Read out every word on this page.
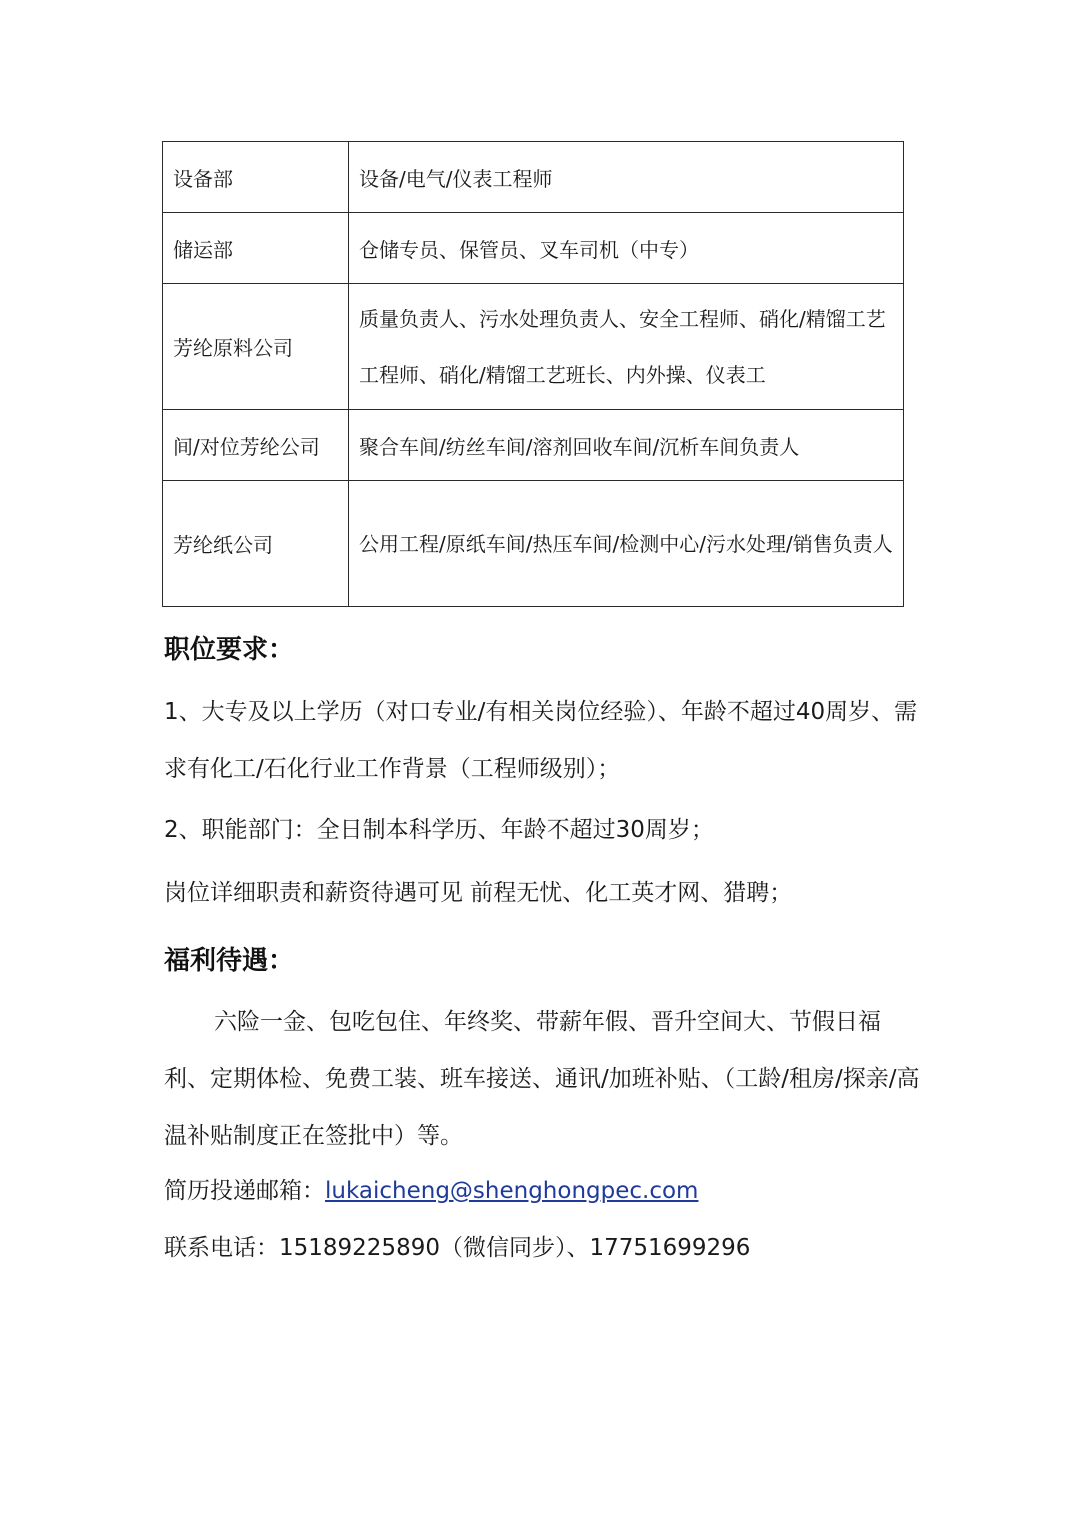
设备部	设备/电气/仪表工程师
储运部	仓储专员、保管员、叉车司机（中专）
芳纶原料公司	质量负责人、污水处理负责人、安全工程师、硝化/精馏工艺工程师、硝化/精馏工艺班长、内外操、仪表工

间/对位芳纶公司	聚合车间/纺丝车间/溶剂回收车间/沉析车间负责人
芳纶纸公司	公用工程/原纸车间/热压车间/检测中心/污水处理/销售负责人
职位要求：
1、大专及以上学历（对口专业/有相关岗位经验）、年龄不超过40周岁、需求有化工/石化行业工作背景（工程师级别）；
2、职能部门：全日制本科学历、年龄不超过30周岁；
岗位详细职责和薪资待遇可见 前程无忧、化工英才网、猎聘；
福利待遇：
六险一金、包吃包住、年终奖、带薪年假、晋升空间大、节假日福利、定期体检、免费工装、班车接送、通讯/加班补贴、（工龄/租房/探亲/高温补贴制度正在签批中）等。
简历投递邮箱：lukaicheng@shenghongpec.com
联系电话：15189225890（微信同步）、17751699296
